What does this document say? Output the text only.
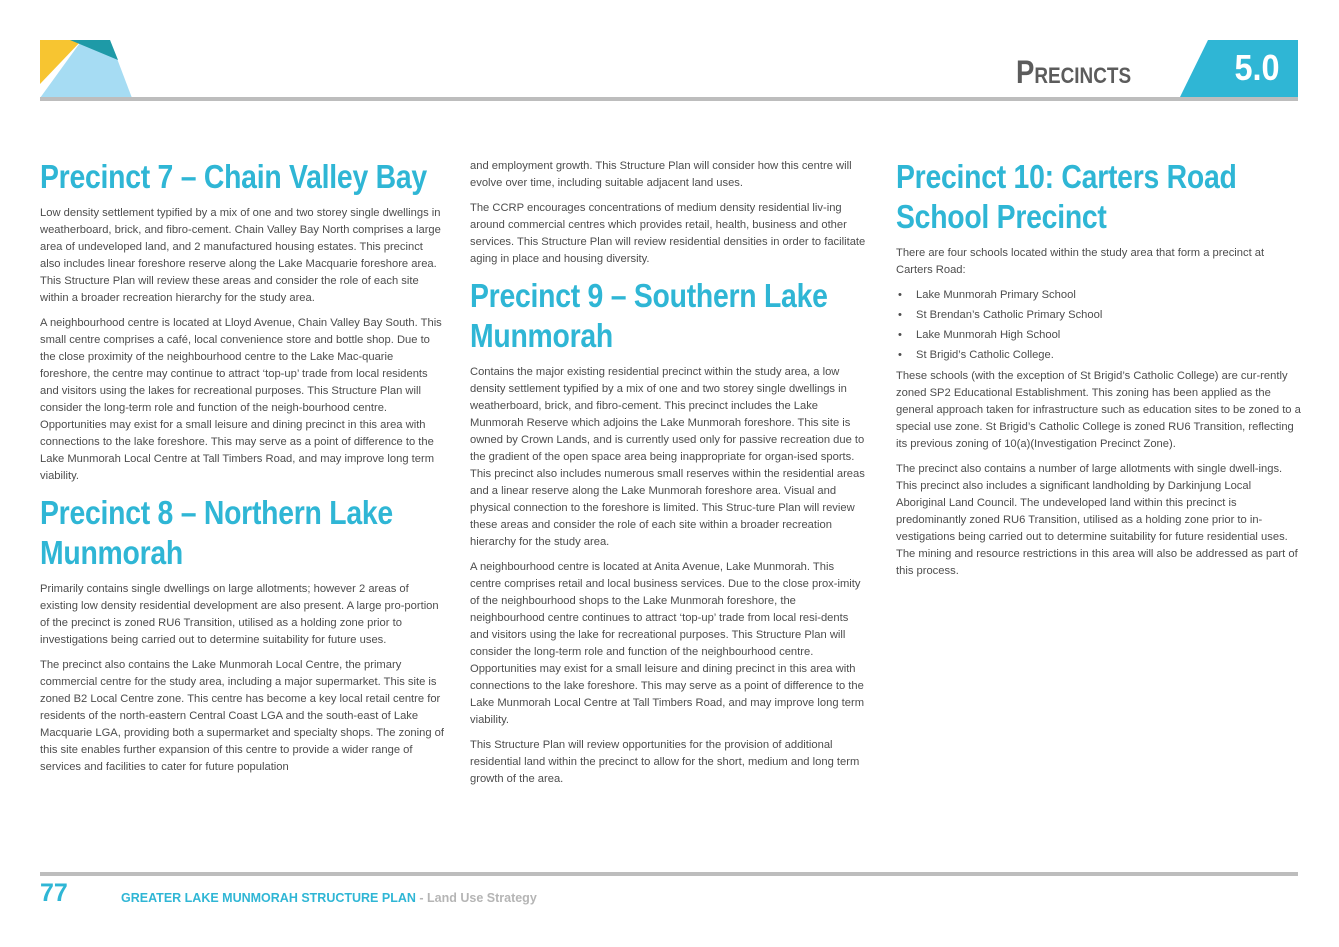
Precincts	5.0
Precinct 7 – Chain Valley Bay

Low density settlement typified by a mix of one and two storey single dwellings in weatherboard, brick, and fibro-cement. Chain Valley Bay North comprises a large area of undeveloped land, and 2 manufactured housing estates. This precinct also includes linear foreshore reserve along the Lake Macquarie foreshore area. This Structure Plan will review these areas and consider the role of each site within a broader recreation hierarchy for the study area.

A neighbourhood centre is located at Lloyd Avenue, Chain Valley Bay South. This small centre comprises a café, local convenience store and bottle shop. Due to the close proximity of the neighbourhood centre to the Lake Mac-quarie foreshore, the centre may continue to attract ‘top-up’ trade from local residents and visitors using the lakes for recreational purposes. This Structure Plan will consider the long-term role and function of the neigh-bourhood centre. Opportunities may exist for a small leisure and dining precinct in this area with connections to the lake foreshore. This may serve as a point of difference to the Lake Munmorah Local Centre at Tall Timbers Road, and may improve long term viability.

Precinct 8 – Northern Lake Munmorah

Primarily contains single dwellings on large allotments; however 2 areas of existing low density residential development are also present. A large pro-portion of the precinct is zoned RU6 Transition, utilised as a holding zone prior to investigations being carried out to determine suitability for future uses.

The precinct also contains the Lake Munmorah Local Centre, the primary commercial centre for the study area, including a major supermarket. This site is zoned B2 Local Centre zone. This centre has become a key local retail centre for residents of the north-eastern Central Coast LGA and the south-east of Lake Macquarie LGA, providing both a supermarket and specialty shops. The zoning of this site enables further expansion of this centre to provide a wider range of services and facilities to cater for future population

and employment growth. This Structure Plan will consider how this centre will evolve over time, including suitable adjacent land uses.

The CCRP encourages concentrations of medium density residential liv-ing around commercial centres which provides retail, health, business and other services. This Structure Plan will review residential densities in order to facilitate aging in place and housing diversity.

Precinct 9 – Southern Lake Munmorah

Contains the major existing residential precinct within the study area, a low density settlement typified by a mix of one and two storey single dwellings in weatherboard, brick, and fibro-cement. This precinct includes the Lake Munmorah Reserve which adjoins the Lake Munmorah foreshore. This site is owned by Crown Lands, and is currently used only for passive recreation due to the gradient of the open space area being inappropriate for organ-ised sports. This precinct also includes numerous small reserves within the residential areas and a linear reserve along the Lake Munmorah foreshore area. Visual and physical connection to the foreshore is limited. This Struc-ture Plan will review these areas and consider the role of each site within a broader recreation hierarchy for the study area.

A neighbourhood centre is located at Anita Avenue, Lake Munmorah. This centre comprises retail and local business services. Due to the close prox-imity of the neighbourhood shops to the Lake Munmorah foreshore, the neighbourhood centre continues to attract ‘top-up’ trade from local resi-dents and visitors using the lake for recreational purposes. This Structure Plan will consider the long-term role and function of the neighbourhood centre. Opportunities may exist for a small leisure and dining precinct in this area with connections to the lake foreshore. This may serve as a point of difference to the Lake Munmorah Local Centre at Tall Timbers Road, and may improve long term viability.

This Structure Plan will review opportunities for the provision of additional residential land within the precinct to allow for the short, medium and long term growth of the area.

Precinct 10: Carters Road School Precinct

There are four schools located within the study area that form a precinct at Carters Road:

• Lake Munmorah Primary School
• St Brendan’s Catholic Primary School
• Lake Munmorah High School
• St Brigid’s Catholic College.

These schools (with the exception of St Brigid’s Catholic College) are cur-rently zoned SP2 Educational Establishment. This zoning has been applied as the general approach taken for infrastructure such as education sites to be zoned to a special use zone. St Brigid’s Catholic College is zoned RU6 Transition, reflecting its previous zoning of 10(a)(Investigation Precinct Zone).

The precinct also contains a number of large allotments with single dwell-ings. This precinct also includes a significant landholding by Darkinjung Local Aboriginal Land Council. The undeveloped land within this precinct is predominantly zoned RU6 Transition, utilised as a holding zone prior to in-vestigations being carried out to determine suitability for future residential uses. The mining and resource restrictions in this area will also be addressed as part of this process.

77	GREATER LAKE MUNMORAH STRUCTURE PLAN - Land Use Strategy
